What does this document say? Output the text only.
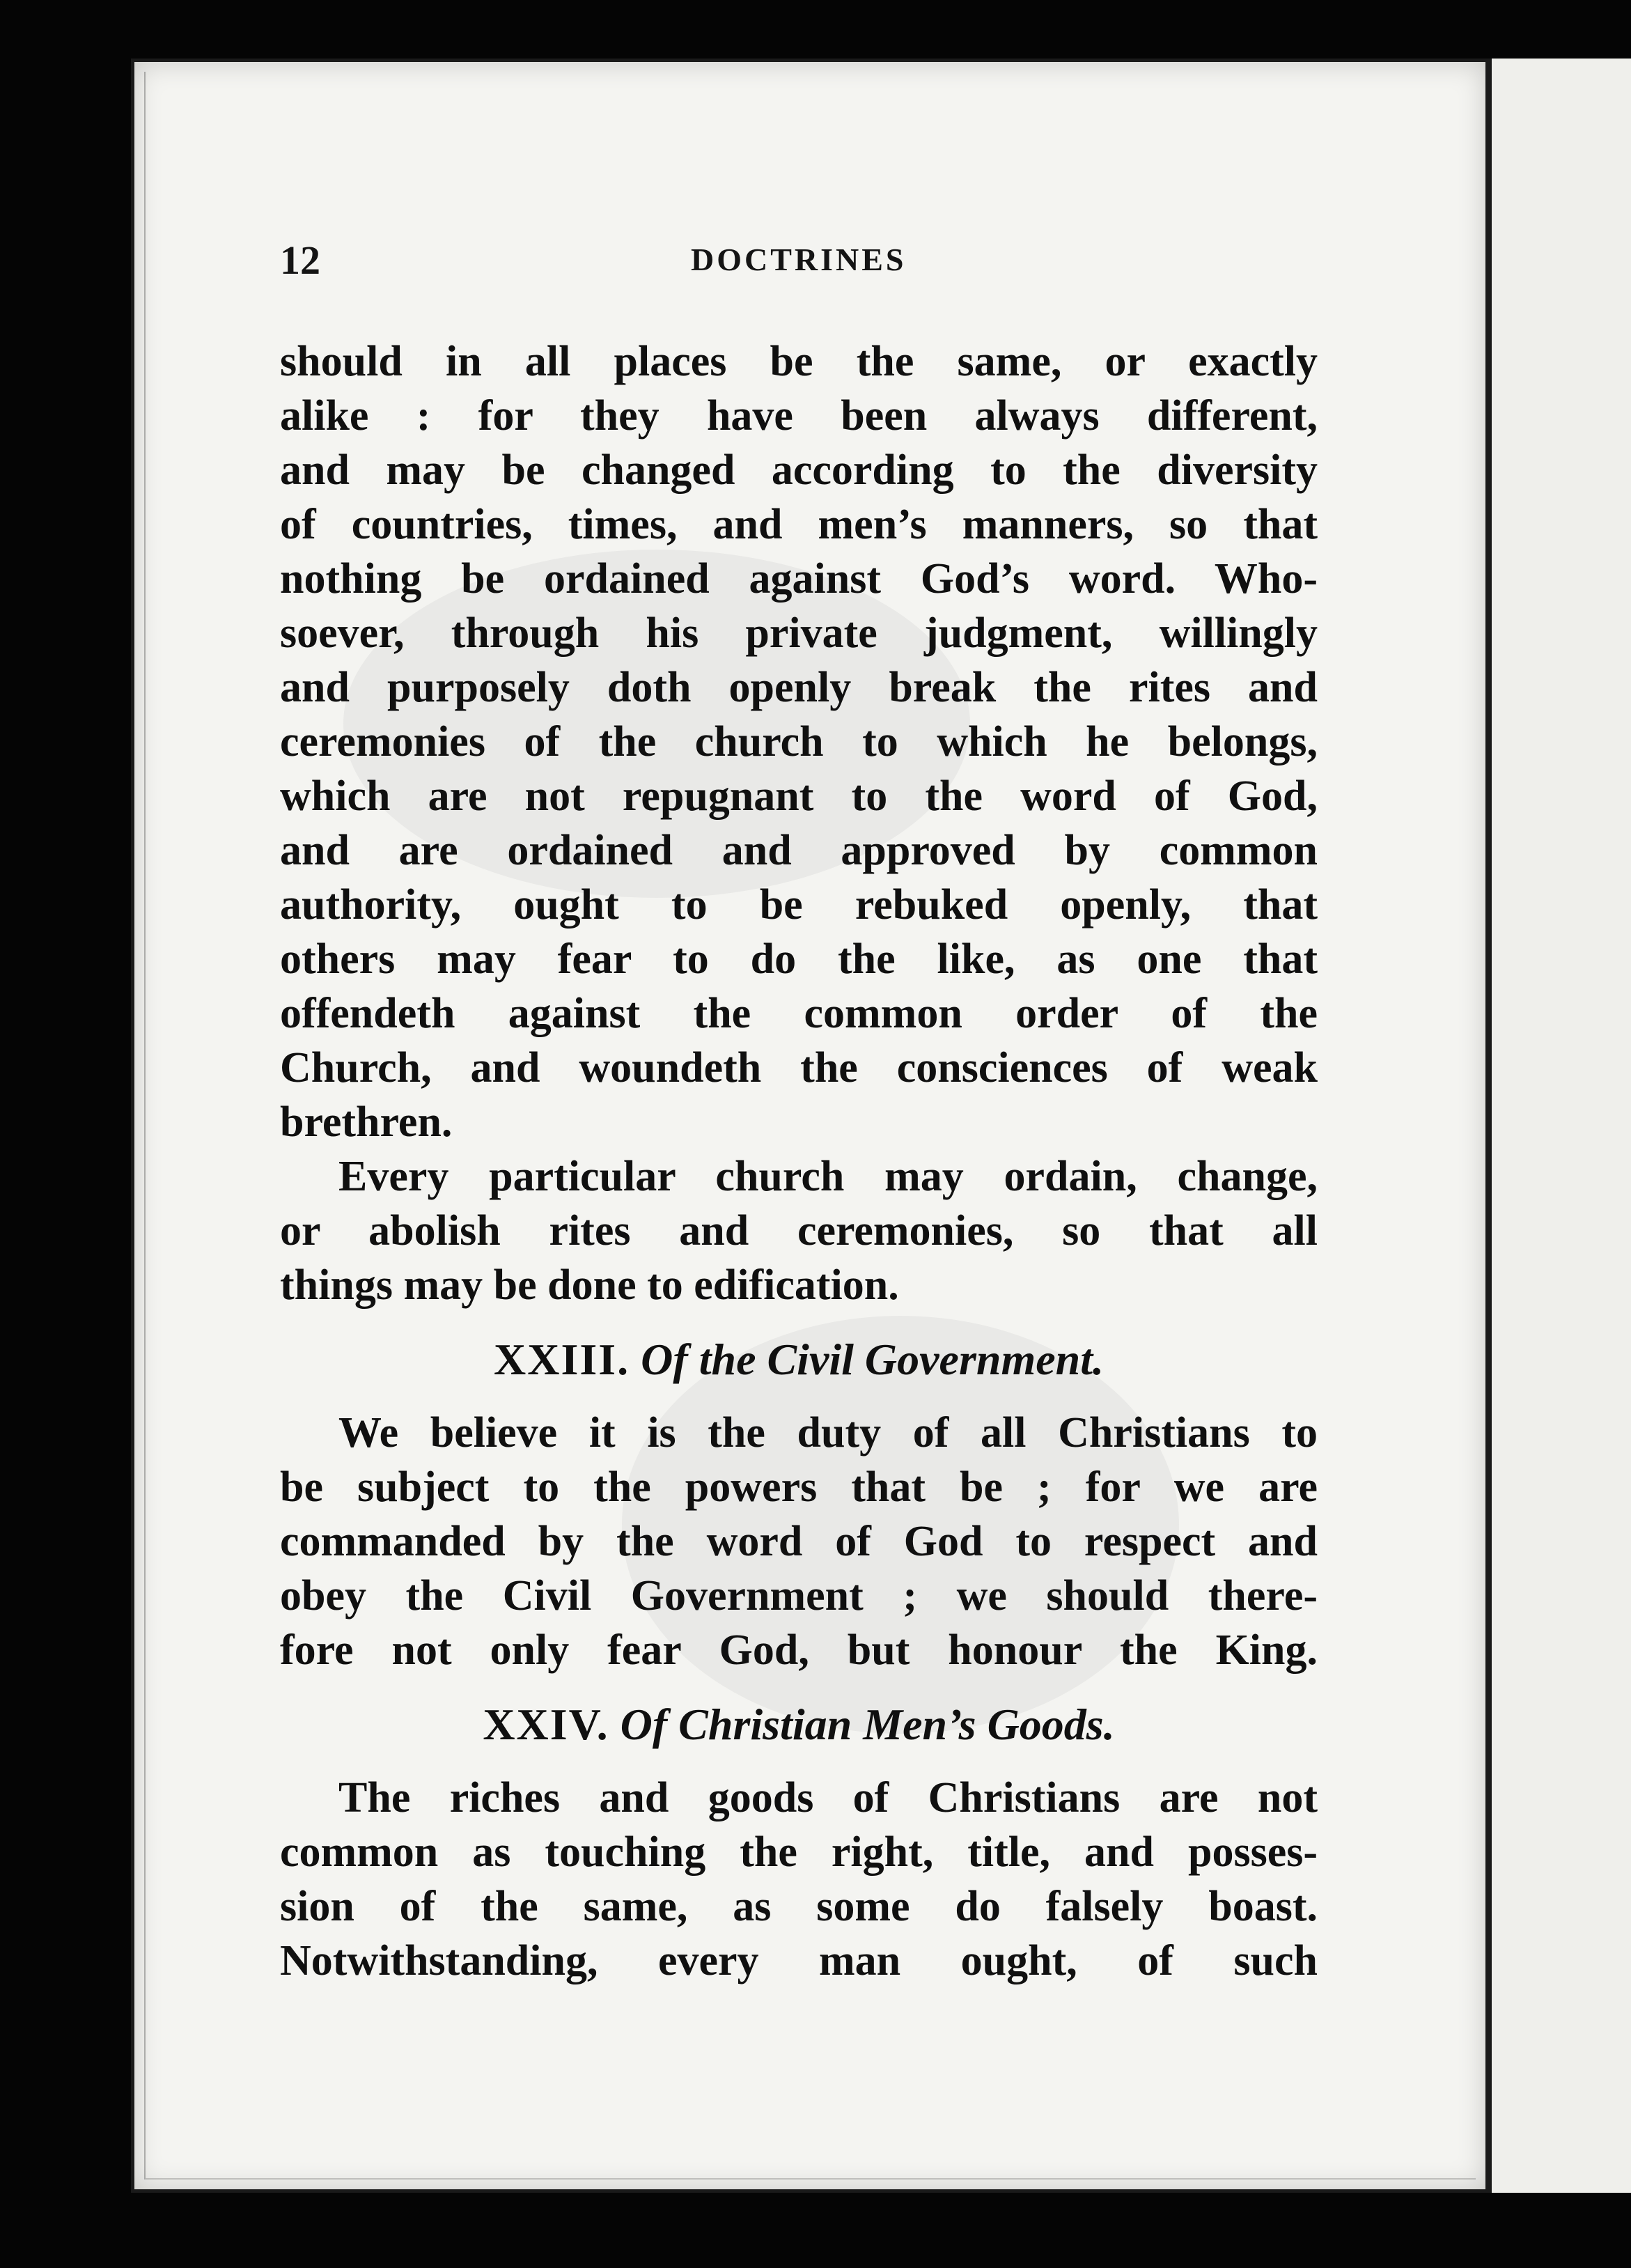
12	DOCTRINES
should in all places be the same, or exactly
alike : for they have been always different,
and may be changed according to the diversity
of countries, times, and men’s manners, so that
nothing be ordained against God’s word. Who-
soever, through his private judgment, willingly
and purposely doth openly break the rites and
ceremonies of the church to which he belongs,
which are not repugnant to the word of God,
and are ordained and approved by common
authority, ought to be rebuked openly, that
others may fear to do the like, as one that
offendeth against the common order of the
Church, and woundeth the consciences of weak
brethren.
Every particular church may ordain, change,
or abolish rites and ceremonies, so that all
things may be done to edification.
XXIII. Of the Civil Government.
We believe it is the duty of all Christians to
be subject to the powers that be ; for we are
commanded by the word of God to respect and
obey the Civil Government ; we should there-
fore not only fear God, but honour the King.
XXIV. Of Christian Men’s Goods.
The riches and goods of Christians are not
common as touching the right, title, and posses-
sion of the same, as some do falsely boast.
Notwithstanding, every man ought, of such
